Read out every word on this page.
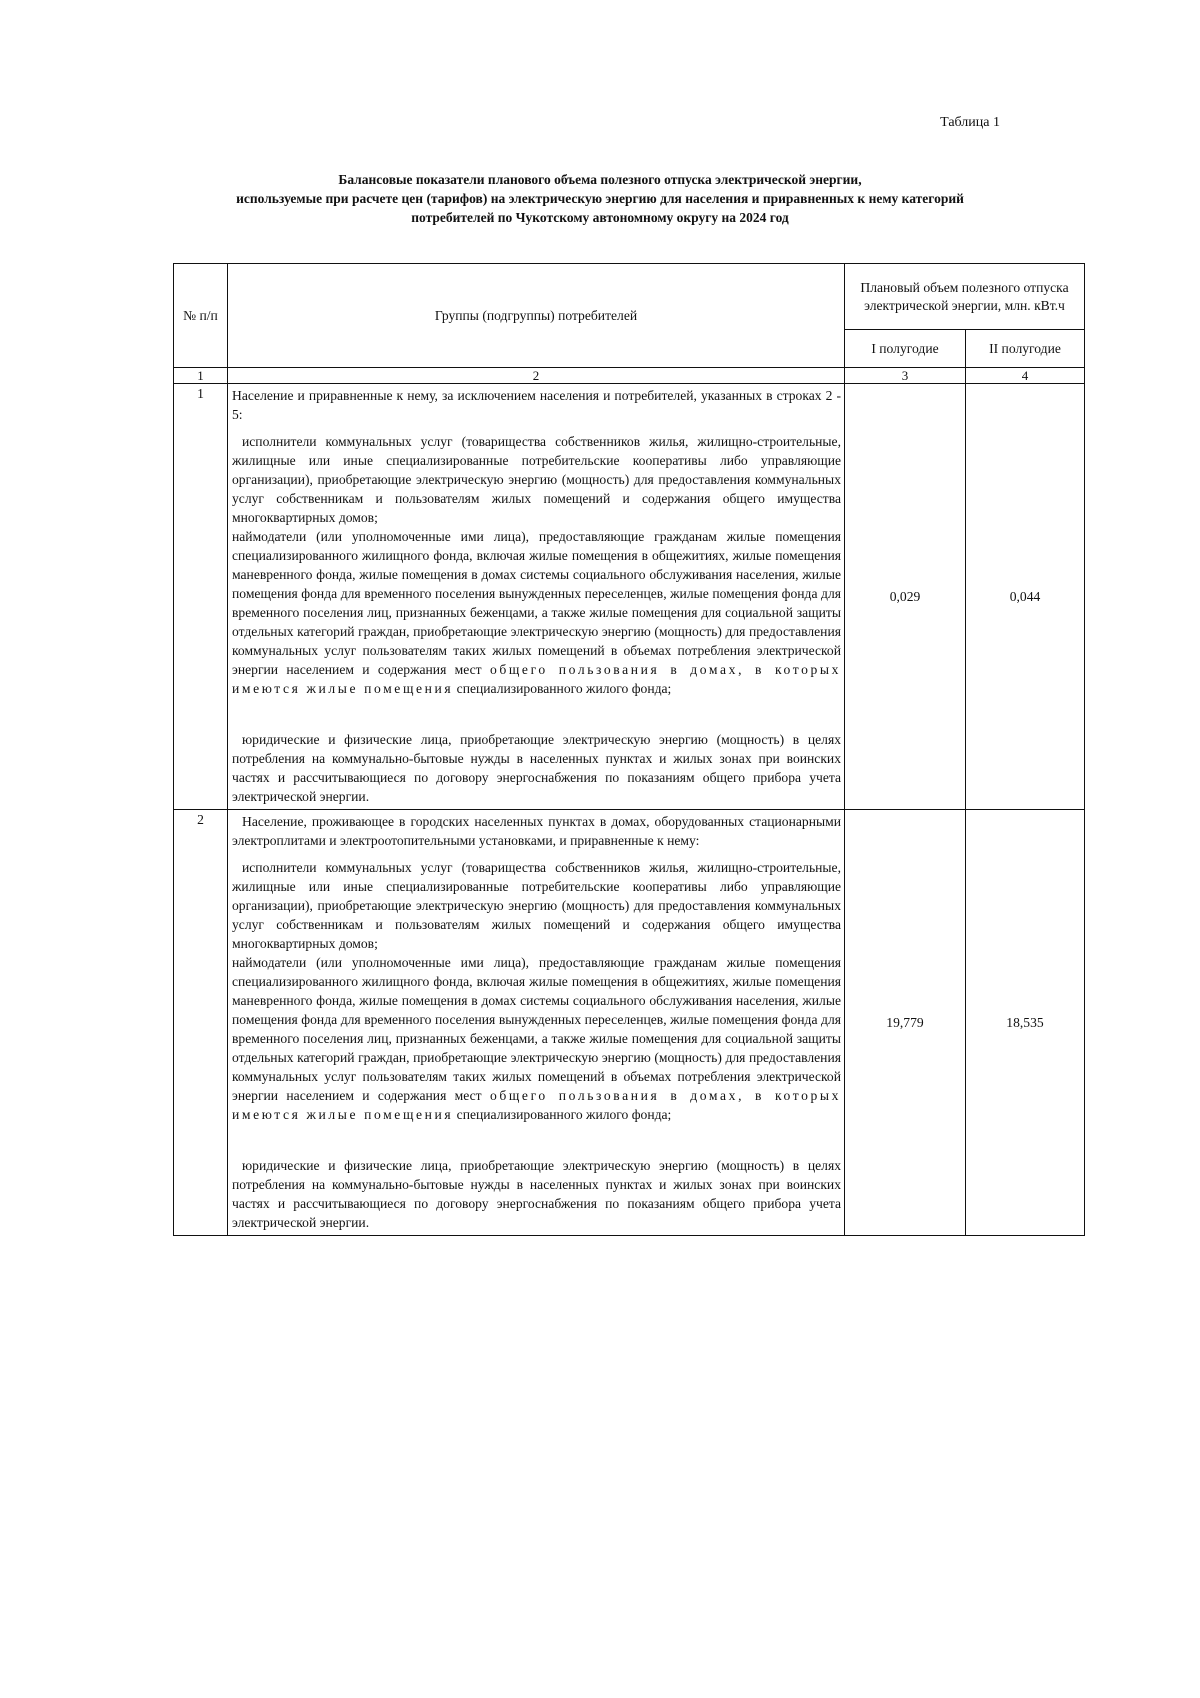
Таблица 1
Балансовые показатели планового объема полезного отпуска электрической энергии,
используемые при расчете цен (тарифов) на электрическую энергию для населения и приравненных к нему категорий
потребителей по Чукотскому автономному округу на 2024 год
№ п/п	Группы (подгруппы) потребителей	Плановый объем полезного отпуска электрической энергии, млн. кВт.ч	
		I полугодие	II полугодие
1	2	3	4
1	Население и приравненные к нему, за исключением населения и потребителей, указанных в строках 2 - 5:

исполнители коммунальных услуг (товарищества собственников жилья, жилищно-строительные, жилищные или иные специализированные потребительские кооперативы либо управляющие организации), приобретающие электрическую энергию (мощность) для предоставления коммунальных услуг собственникам и пользователям жилых помещений и содержания общего имущества многоквартирных домов;

наймодатели (или уполномоченные ими лица), предоставляющие гражданам жилые помещения специализированного жилищного фонда, включая жилые помещения в общежитиях, жилые помещения маневренного фонда, жилые помещения в домах системы социального обслуживания населения, жилые помещения фонда для временного поселения вынужденных переселенцев, жилые помещения фонда для временного поселения лиц, признанных беженцами, а также жилые помещения для социальной защиты отдельных категорий граждан, приобретающие электрическую энергию (мощность) для предоставления коммунальных услуг пользователям таких жилых помещений в объемах потребления электрической энергии населением и содержания мест общего пользования в домах, в которых имеются жилые помещения специализированного жилого фонда;

юридические и физические лица, приобретающие электрическую энергию (мощность) в целях потребления на коммунально-бытовые нужды в населенных пунктах и жилых зонах при воинских частях и рассчитывающиеся по договору энергоснабжения по показаниям общего прибора учета электрической энергии.	0,029	0,044
2	Население, проживающее в городских населенных пунктах в домах, оборудованных стационарными электроплитами и электроотопительными установками, и приравненные к нему:

исполнители коммунальных услуг (товарищества собственников жилья, жилищно-строительные, жилищные или иные специализированные потребительские кооперативы либо управляющие организации), приобретающие электрическую энергию (мощность) для предоставления коммунальных услуг собственникам и пользователям жилых помещений и содержания общего имущества многоквартирных домов;

наймодатели (или уполномоченные ими лица), предоставляющие гражданам жилые помещения специализированного жилищного фонда, включая жилые помещения в общежитиях, жилые помещения маневренного фонда, жилые помещения в домах системы социального обслуживания населения, жилые помещения фонда для временного поселения вынужденных переселенцев, жилые помещения фонда для временного поселения лиц, признанных беженцами, а также жилые помещения для социальной защиты отдельных категорий граждан, приобретающие электрическую энергию (мощность) для предоставления коммунальных услуг пользователям таких жилых помещений в объемах потребления электрической энергии населением и содержания мест общего пользования в домах, в которых имеются жилые помещения специализированного жилого фонда;

юридические и физические лица, приобретающие электрическую энергию (мощность) в целях потребления на коммунально-бытовые нужды в населенных пунктах и жилых зонах при воинских частях и рассчитывающиеся по договору энергоснабжения по показаниям общего прибора учета электрической энергии.	19,779	18,535
